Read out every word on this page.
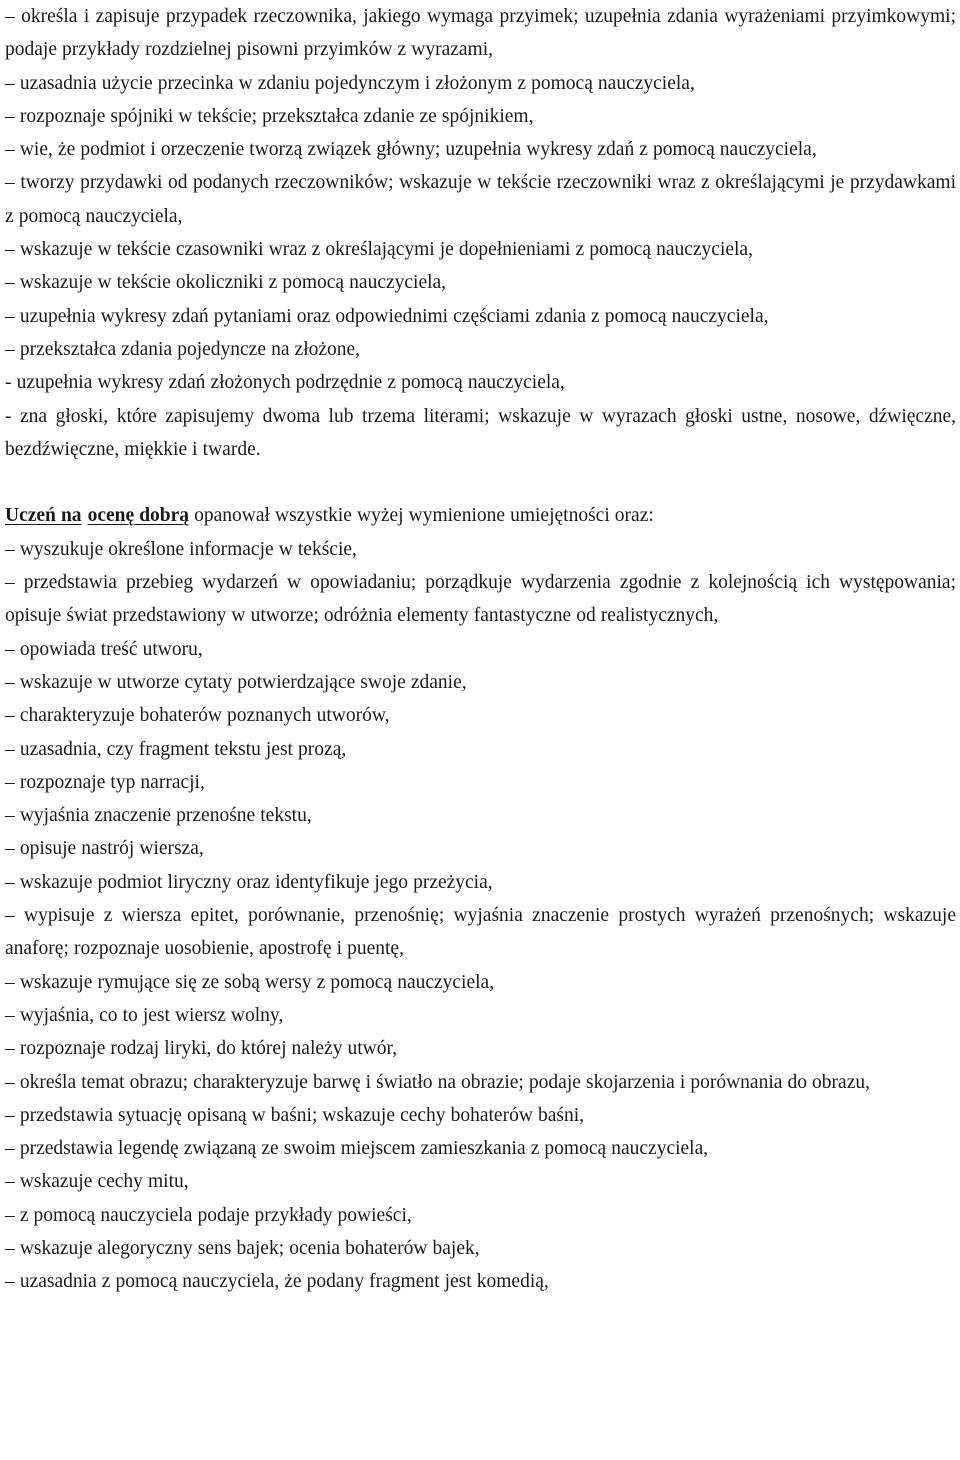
– określa i zapisuje przypadek rzeczownika, jakiego wymaga przyimek; uzupełnia zdania wyrażeniami przyimkowymi; podaje przykłady rozdzielnej pisowni przyimków z wyrazami,

– uzasadnia użycie przecinka w zdaniu pojedynczym i złożonym z pomocą nauczyciela,

– rozpoznaje spójniki w tekście; przekształca zdanie ze spójnikiem,

– wie, że podmiot i orzeczenie tworzą związek główny; uzupełnia wykresy zdań z pomocą nauczyciela,

– tworzy przydawki od podanych rzeczowników; wskazuje w tekście rzeczowniki wraz z określającymi je przydawkami z pomocą nauczyciela,

– wskazuje w tekście czasowniki wraz z określającymi je dopełnieniami z pomocą nauczyciela,

– wskazuje w tekście okoliczniki z pomocą nauczyciela,

– uzupełnia wykresy zdań pytaniami oraz odpowiednimi częściami zdania z pomocą nauczyciela,

– przekształca zdania pojedyncze na złożone,

- uzupełnia wykresy zdań złożonych podrzędnie z pomocą nauczyciela,

- zna głoski, które zapisujemy dwoma lub trzema literami; wskazuje w wyrazach głoski ustne, nosowe, dźwięczne, bezdźwięczne, miękkie i twarde.

Uczeń na ocenę dobrą opanował wszystkie wyżej wymienione umiejętności oraz:

– wyszukuje określone informacje w tekście,

– przedstawia przebieg wydarzeń w opowiadaniu; porządkuje wydarzenia zgodnie z kolejnością ich występowania; opisuje świat przedstawiony w utworze; odróżnia elementy fantastyczne od realistycznych,

– opowiada treść utworu,

– wskazuje w utworze cytaty potwierdzające swoje zdanie,

– charakteryzuje bohaterów poznanych utworów,

– uzasadnia, czy fragment tekstu jest prozą,

– rozpoznaje typ narracji,

– wyjaśnia znaczenie przenośne tekstu,

– opisuje nastrój wiersza,

– wskazuje podmiot liryczny oraz identyfikuje jego przeżycia,

– wypisuje z wiersza epitet, porównanie, przenośnię; wyjaśnia znaczenie prostych wyrażeń przenośnych; wskazuje anaforę; rozpoznaje uosobienie, apostrofę i puentę,

– wskazuje rymujące się ze sobą wersy z pomocą nauczyciela,

– wyjaśnia, co to jest wiersz wolny,

– rozpoznaje rodzaj liryki, do której należy utwór,

– określa temat obrazu; charakteryzuje barwę i światło na obrazie; podaje skojarzenia i porównania do obrazu,

– przedstawia sytuację opisaną w baśni; wskazuje cechy bohaterów baśni,

– przedstawia legendę związaną ze swoim miejscem zamieszkania z pomocą nauczyciela,

– wskazuje cechy mitu,

– z pomocą nauczyciela podaje przykłady powieści,

– wskazuje alegoryczny sens bajek; ocenia bohaterów bajek,

– uzasadnia z pomocą nauczyciela, że podany fragment jest komedią,
